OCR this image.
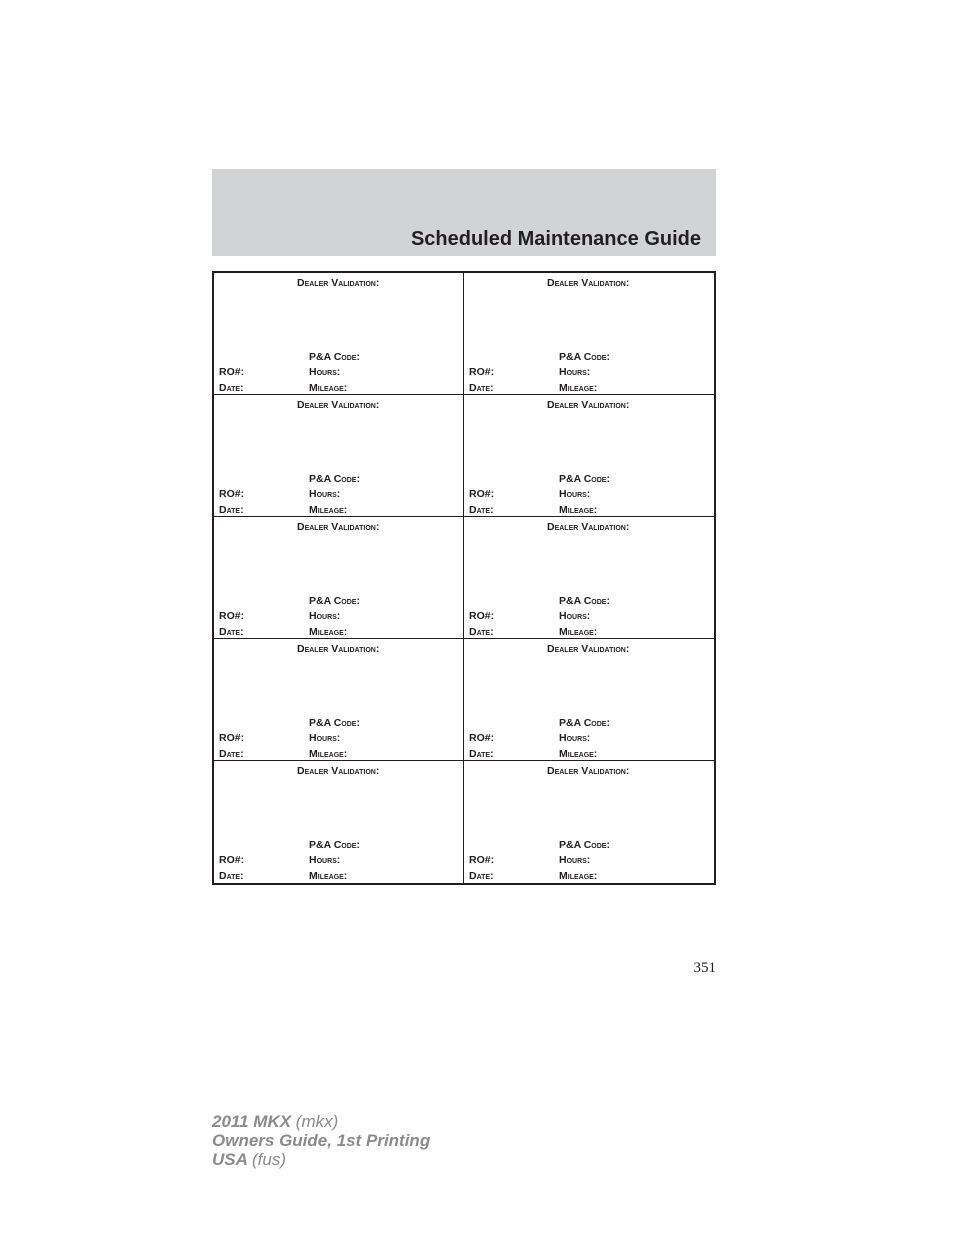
Scheduled Maintenance Guide
Dealer Validation:
P&A Code:
RO#:	Hours:
Date:	Mileage:
Dealer Validation:
P&A Code:
RO#:	Hours:
Date:	Mileage:
Dealer Validation:
P&A Code:
RO#:	Hours:
Date:	Mileage:
Dealer Validation:
P&A Code:
RO#:	Hours:
Date:	Mileage:
Dealer Validation:
P&A Code:
RO#:	Hours:
Date:	Mileage:
Dealer Validation:
P&A Code:
RO#:	Hours:
Date:	Mileage:
Dealer Validation:
P&A Code:
RO#:	Hours:
Date:	Mileage:
Dealer Validation:
P&A Code:
RO#:	Hours:
Date:	Mileage:
Dealer Validation:
P&A Code:
RO#:	Hours:
Date:	Mileage:
Dealer Validation:
P&A Code:
RO#:	Hours:
Date:	Mileage:
351
2011 MKX (mkx)
Owners Guide, 1st Printing
USA (fus)
